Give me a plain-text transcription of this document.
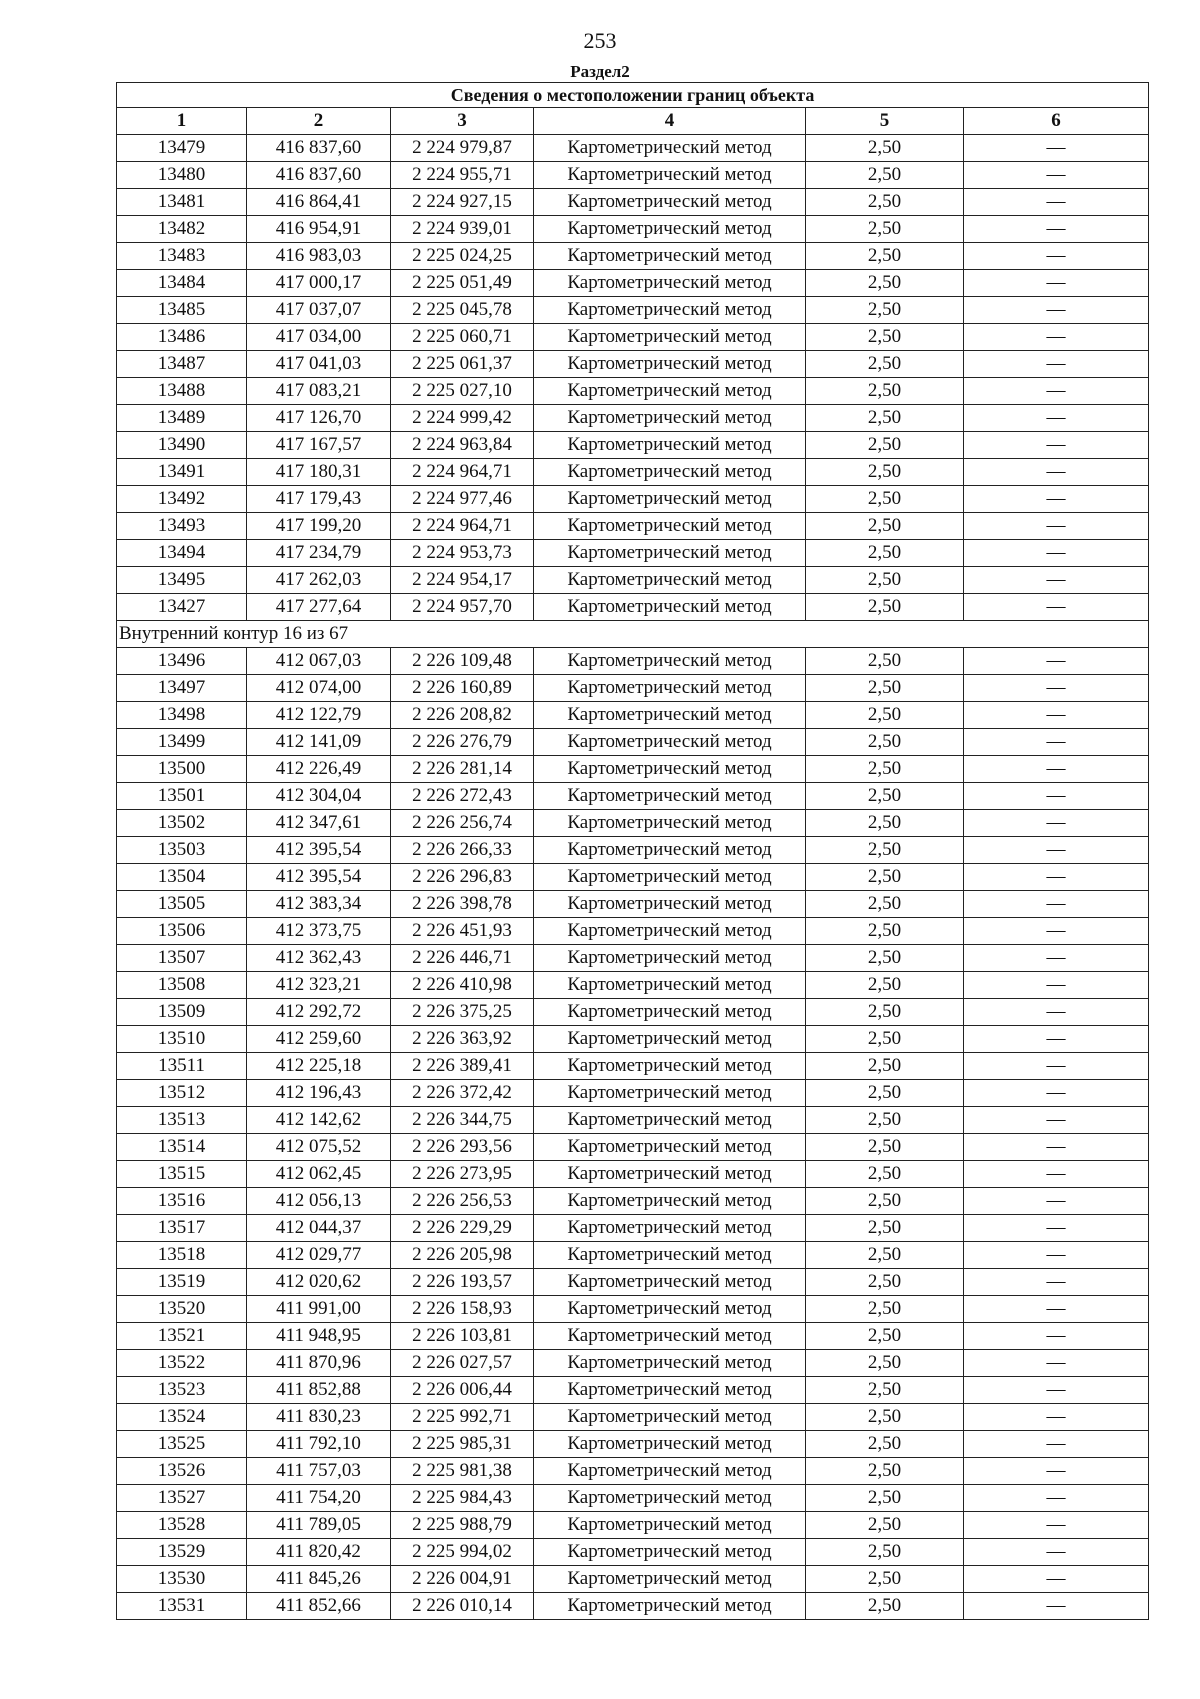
253
Раздел2
Сведения о местоположении границ объекта					
1	2	3	4	5	6
13479	416 837,60	2 224 979,87	Картометрический метод	2,50	—
13480	416 837,60	2 224 955,71	Картометрический метод	2,50	—
13481	416 864,41	2 224 927,15	Картометрический метод	2,50	—
13482	416 954,91	2 224 939,01	Картометрический метод	2,50	—
13483	416 983,03	2 225 024,25	Картометрический метод	2,50	—
13484	417 000,17	2 225 051,49	Картометрический метод	2,50	—
13485	417 037,07	2 225 045,78	Картометрический метод	2,50	—
13486	417 034,00	2 225 060,71	Картометрический метод	2,50	—
13487	417 041,03	2 225 061,37	Картометрический метод	2,50	—
13488	417 083,21	2 225 027,10	Картометрический метод	2,50	—
13489	417 126,70	2 224 999,42	Картометрический метод	2,50	—
13490	417 167,57	2 224 963,84	Картометрический метод	2,50	—
13491	417 180,31	2 224 964,71	Картометрический метод	2,50	—
13492	417 179,43	2 224 977,46	Картометрический метод	2,50	—
13493	417 199,20	2 224 964,71	Картометрический метод	2,50	—
13494	417 234,79	2 224 953,73	Картометрический метод	2,50	—
13495	417 262,03	2 224 954,17	Картометрический метод	2,50	—
13427	417 277,64	2 224 957,70	Картометрический метод	2,50	—
Внутренний контур 16 из 67					
13496	412 067,03	2 226 109,48	Картометрический метод	2,50	—
13497	412 074,00	2 226 160,89	Картометрический метод	2,50	—
13498	412 122,79	2 226 208,82	Картометрический метод	2,50	—
13499	412 141,09	2 226 276,79	Картометрический метод	2,50	—
13500	412 226,49	2 226 281,14	Картометрический метод	2,50	—
13501	412 304,04	2 226 272,43	Картометрический метод	2,50	—
13502	412 347,61	2 226 256,74	Картометрический метод	2,50	—
13503	412 395,54	2 226 266,33	Картометрический метод	2,50	—
13504	412 395,54	2 226 296,83	Картометрический метод	2,50	—
13505	412 383,34	2 226 398,78	Картометрический метод	2,50	—
13506	412 373,75	2 226 451,93	Картометрический метод	2,50	—
13507	412 362,43	2 226 446,71	Картометрический метод	2,50	—
13508	412 323,21	2 226 410,98	Картометрический метод	2,50	—
13509	412 292,72	2 226 375,25	Картометрический метод	2,50	—
13510	412 259,60	2 226 363,92	Картометрический метод	2,50	—
13511	412 225,18	2 226 389,41	Картометрический метод	2,50	—
13512	412 196,43	2 226 372,42	Картометрический метод	2,50	—
13513	412 142,62	2 226 344,75	Картометрический метод	2,50	—
13514	412 075,52	2 226 293,56	Картометрический метод	2,50	—
13515	412 062,45	2 226 273,95	Картометрический метод	2,50	—
13516	412 056,13	2 226 256,53	Картометрический метод	2,50	—
13517	412 044,37	2 226 229,29	Картометрический метод	2,50	—
13518	412 029,77	2 226 205,98	Картометрический метод	2,50	—
13519	412 020,62	2 226 193,57	Картометрический метод	2,50	—
13520	411 991,00	2 226 158,93	Картометрический метод	2,50	—
13521	411 948,95	2 226 103,81	Картометрический метод	2,50	—
13522	411 870,96	2 226 027,57	Картометрический метод	2,50	—
13523	411 852,88	2 226 006,44	Картометрический метод	2,50	—
13524	411 830,23	2 225 992,71	Картометрический метод	2,50	—
13525	411 792,10	2 225 985,31	Картометрический метод	2,50	—
13526	411 757,03	2 225 981,38	Картометрический метод	2,50	—
13527	411 754,20	2 225 984,43	Картометрический метод	2,50	—
13528	411 789,05	2 225 988,79	Картометрический метод	2,50	—
13529	411 820,42	2 225 994,02	Картометрический метод	2,50	—
13530	411 845,26	2 226 004,91	Картометрический метод	2,50	—
13531	411 852,66	2 226 010,14	Картометрический метод	2,50	—
